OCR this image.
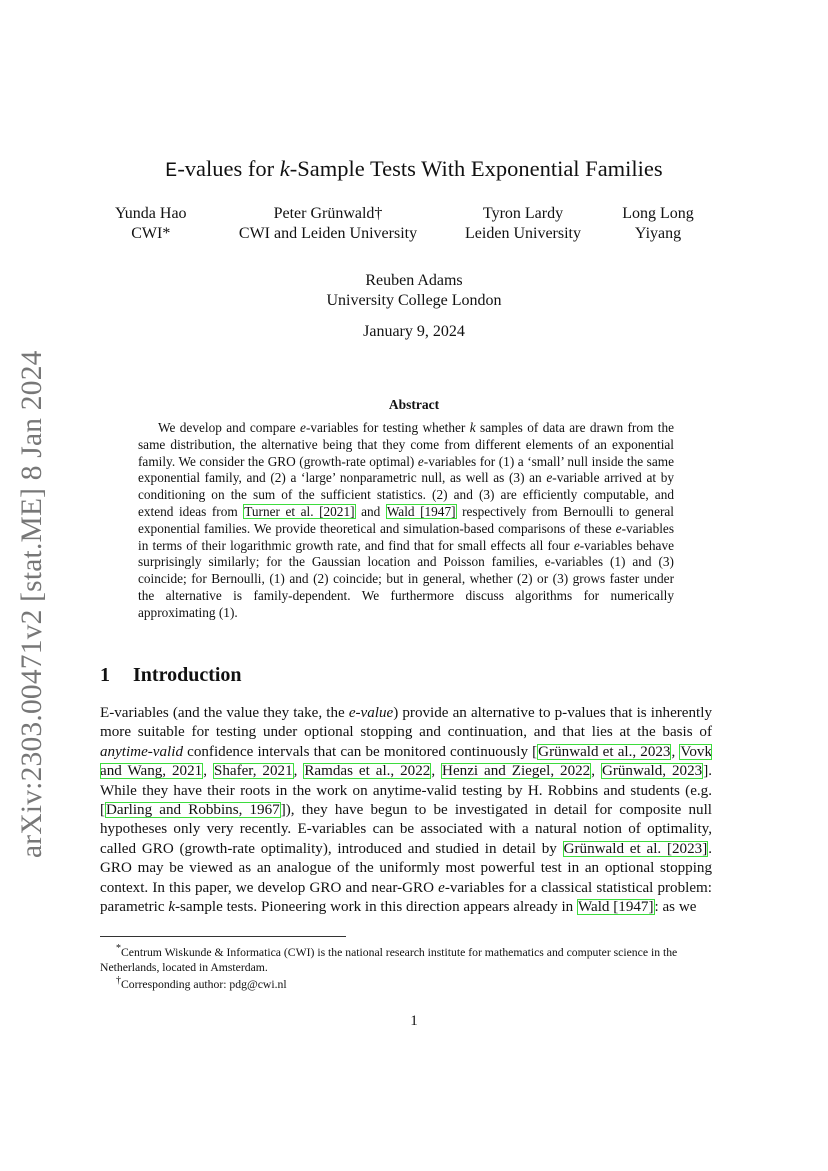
arXiv:2303.00471v2 [stat.ME] 8 Jan 2024
E-values for k-Sample Tests With Exponential Families
Yunda Hao
CWI*
Peter Grünwald†
CWI and Leiden University
Tyron Lardy
Leiden University
Long Long
Yiyang
Reuben Adams
University College London
January 9, 2024
Abstract

We develop and compare e-variables for testing whether k samples of data are drawn from the same distribution, the alternative being that they come from different elements of an exponential family. We consider the GRO (growth-rate optimal) e-variables for (1) a ‘small’ null inside the same exponential family, and (2) a ‘large’ nonparametric null, as well as (3) an e-variable arrived at by conditioning on the sum of the sufficient statistics. (2) and (3) are efficiently computable, and extend ideas from Turner et al. [2021] and Wald [1947] respectively from Bernoulli to general exponential families. We provide theoretical and simulation-based comparisons of these e-variables in terms of their logarithmic growth rate, and find that for small effects all four e-variables behave surprisingly similarly; for the Gaussian location and Poisson families, e-variables (1) and (3) coincide; for Bernoulli, (1) and (2) coincide; but in general, whether (2) or (3) grows faster under the alternative is family-dependent. We furthermore discuss algorithms for numerically approximating (1).

1 Introduction

E-variables (and the value they take, the e-value) provide an alternative to p-values that is inherently more suitable for testing under optional stopping and continuation, and that lies at the basis of anytime-valid confidence intervals that can be monitored continuously [Grünwald et al., 2023, Vovk and Wang, 2021, Shafer, 2021, Ramdas et al., 2022, Henzi and Ziegel, 2022, Grünwald, 2023]. While they have their roots in the work on anytime-valid testing by H. Robbins and students (e.g. [Darling and Robbins, 1967]), they have begun to be investigated in detail for composite null hypotheses only very recently. E-variables can be associated with a natural notion of optimality, called GRO (growth-rate optimality), introduced and studied in detail by Grünwald et al. [2023]. GRO may be viewed as an analogue of the uniformly most powerful test in an optional stopping context. In this paper, we develop GRO and near-GRO e-variables for a classical statistical problem: parametric k-sample tests. Pioneering work in this direction appears already in Wald [1947]: as we

*Centrum Wiskunde & Informatica (CWI) is the national research institute for mathematics and computer science in the Netherlands, located in Amsterdam.

†Corresponding author: pdg@cwi.nl

1
